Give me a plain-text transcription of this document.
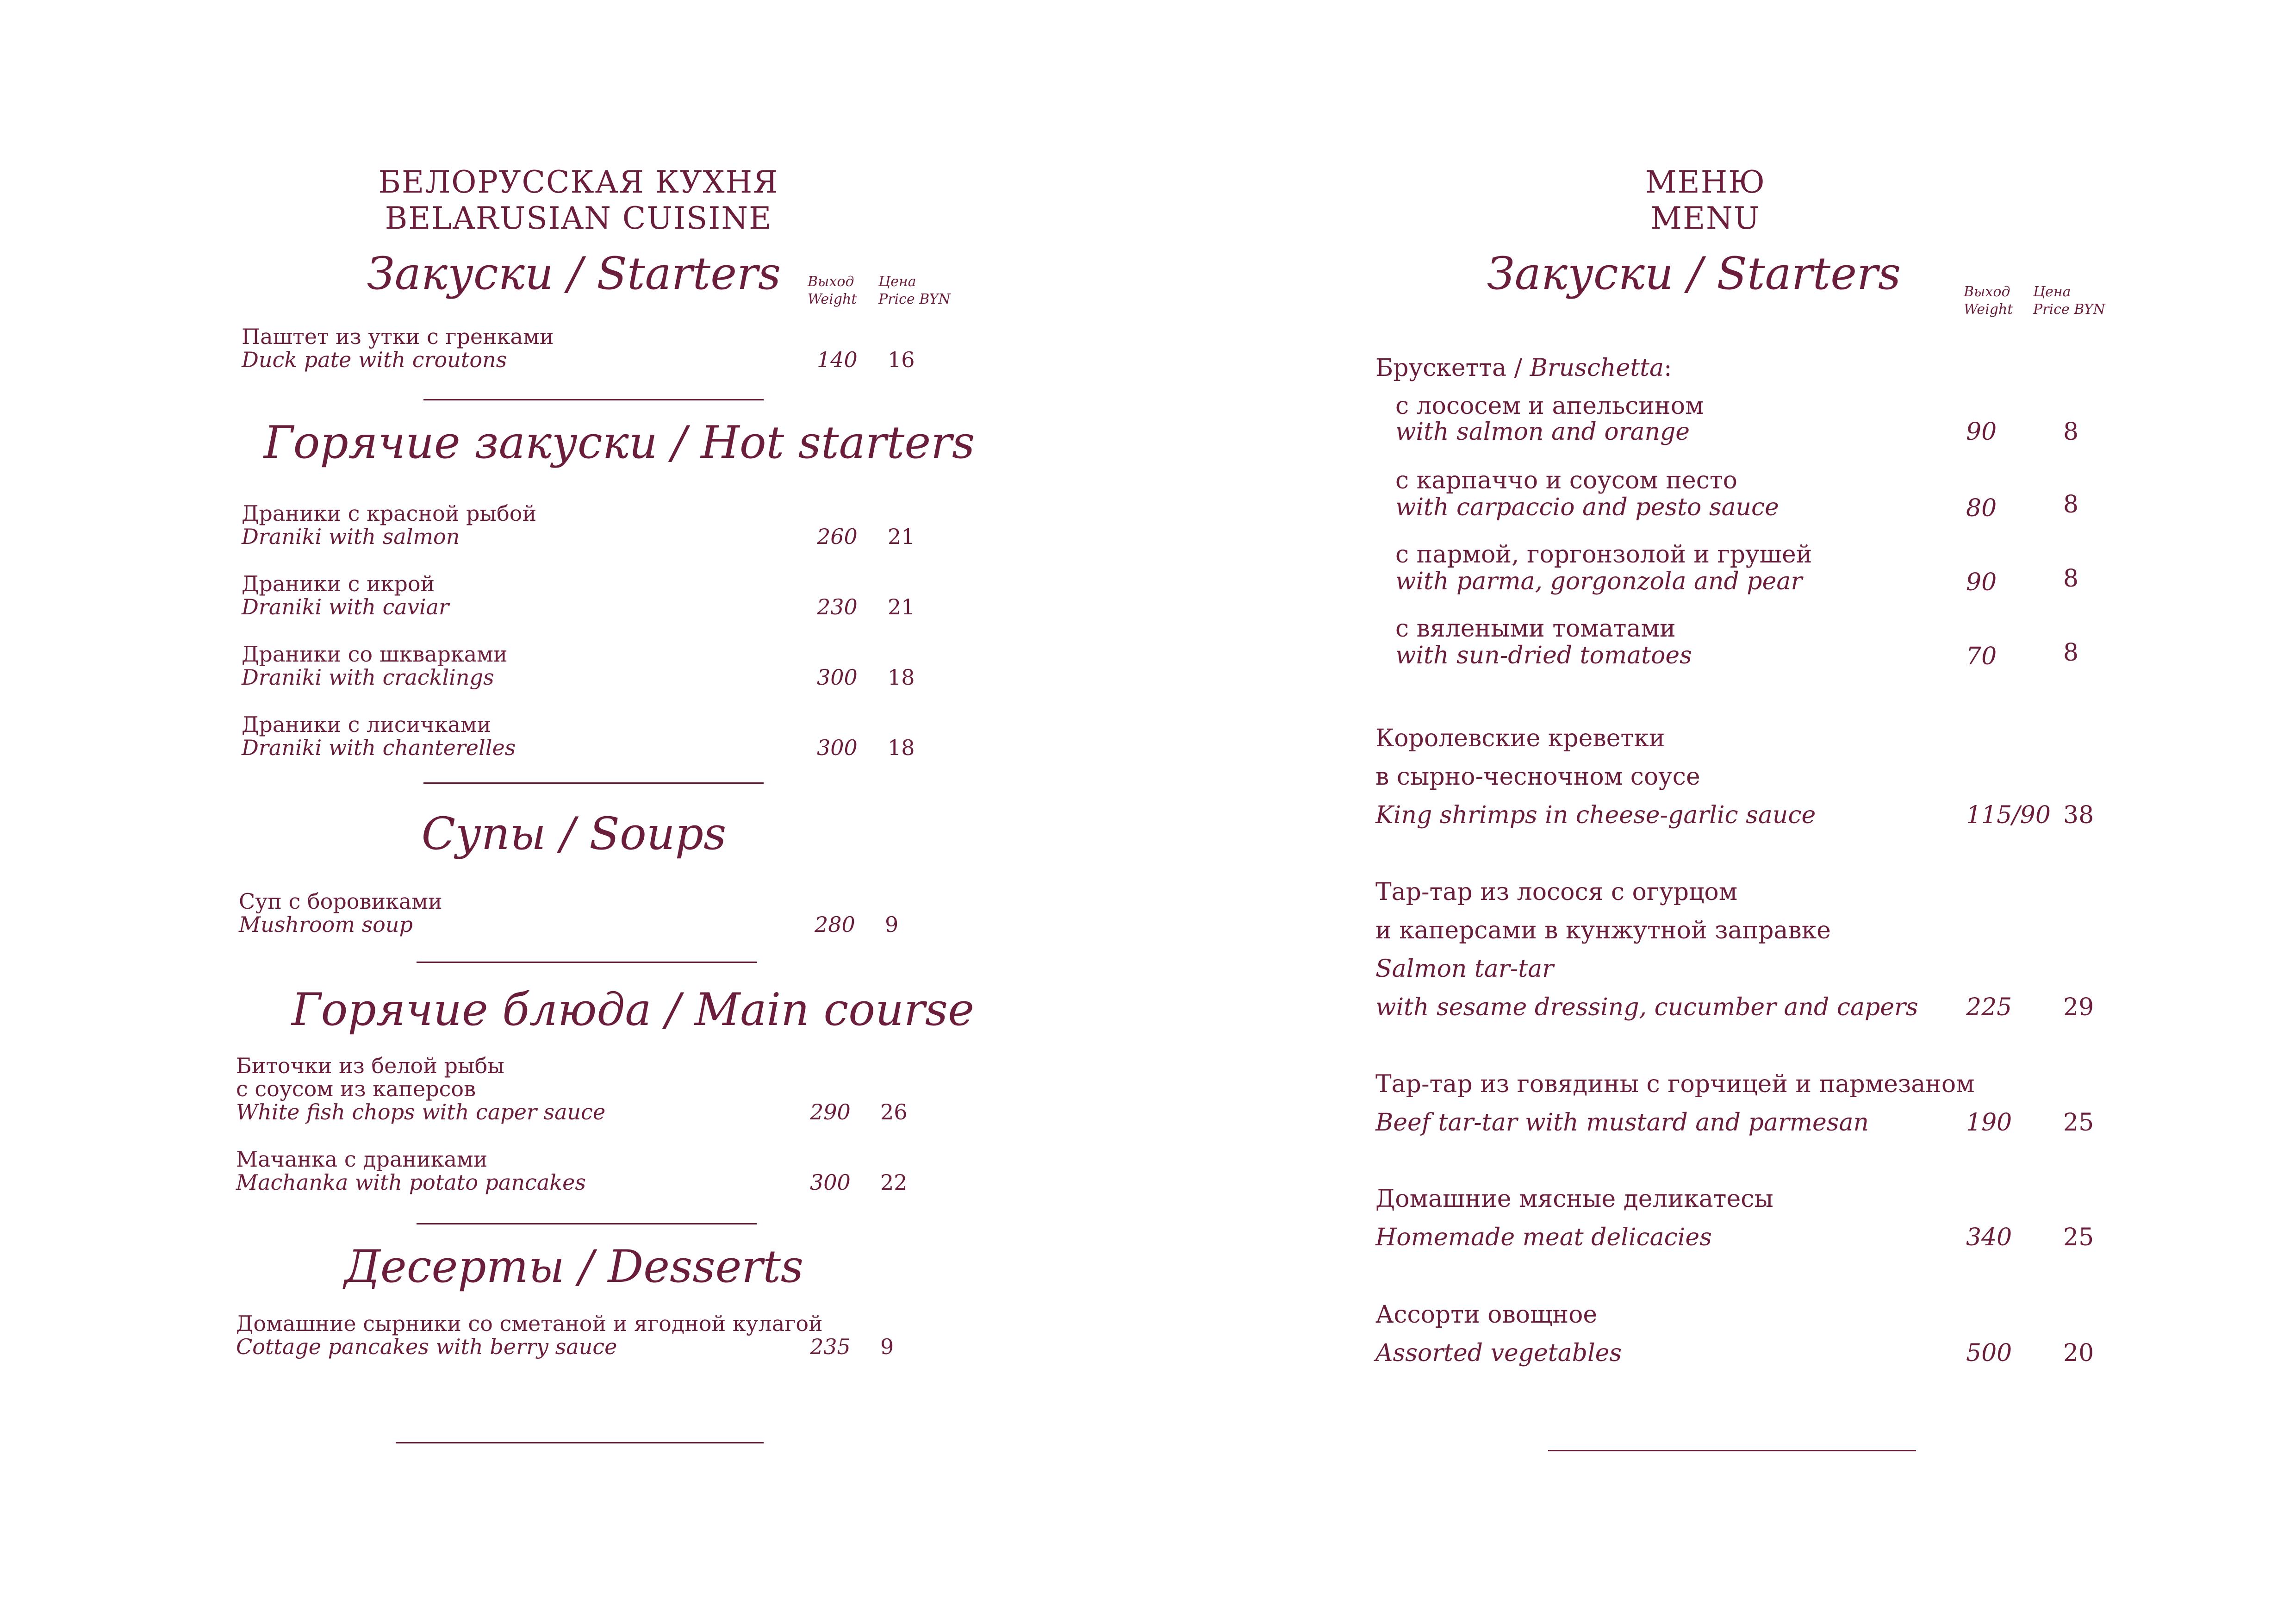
БЕЛОРУССКАЯ КУХНЯ
BELARUSIAN CUISINE
Закуски / Starters	Выход
Weight
Цена
Price BYN
Паштет из утки с гренками
Duck pate with croutons	140 16
Горячие закуски / Hot starters
Драники с красной рыбой
Draniki with salmon	260 21
Драники с икрой
Draniki with caviar	230 21
Драники со шкварками
Draniki with cracklings	300 18
Драники с лисичками
Draniki with chanterelles	300 18
Супы / Soups
Суп с боровиками
Mushroom soup	280 9
Горячие блюда / Main course
Биточки из белой рыбы
с соусом из каперсов
White fish chops with caper sauce	290 26
Мачанка с драниками
Machanka with potato pancakes	300 22
Десерты / Desserts
Домашние сырники со сметаной и ягодной кулагой
Cottage pancakes with berry sauce	235 9
МЕНЮ
MENU
Закуски / Starters	Выход
Weight
Цена
Price BYN
Брускетта / Bruschetta:
с лососем и апельсином
with salmon and orange	90	8
с карпаччо и соусом песто
with carpaccio and pesto sauce	80	8
с пармой, горгонзолой и грушей
with parma, gorgonzola and pear	90	8
с вялеными томатами
with sun-dried tomatoes	70	8
Королевские креветки
в сырно-чесночном соусе
King shrimps in cheese-garlic sauce	115/90 38
Тар-тар из лосося с огурцом
и каперсами в кунжутной заправке
Salmon tar-tar
with sesame dressing, cucumber and capers 225 29
Тар-тар из говядины с горчицей и пармезаном
Beef tar-tar with mustard and parmesan	190 25
Домашние мясные деликатесы
Homemade meat delicacies	340 25
Ассорти овощное
Assorted vegetables	500 20
